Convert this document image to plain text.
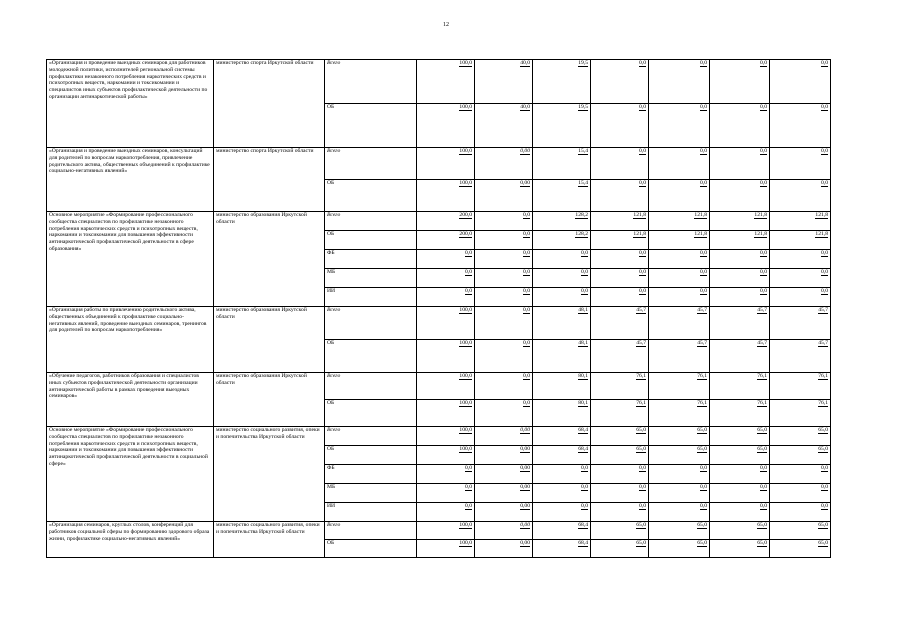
12
«Организация и проведение выездных семинаров для работников молодежной политики, исполнителей региональной системы профилактики незаконного потребления наркотических средств и психотропных веществ, наркомании и токсикомании и специалистов иных субъектов профилактической деятельности по организации антинаркотической работы»	министерство спорта Иркутской области	Всего	100,0	40,0	19,5	0,0	0,0	0,0	0,0
		ОБ	100,0	40,0	19,5	0,0	0,0	0,0	0,0
«Организация и проведение выездных семинаров, консультаций для родителей по вопросам наркопотребления, привлечение родительского актива, общественных объединений к профилактике социально-негативных явлений»	министерство спорта Иркутской области	Всего	100,0	0,00	15,4	0,0	0,0	0,0	0,0
		ОБ	100,0	0,00	15,4	0,0	0,0	0,0	0,0
Основное мероприятие «Формирование профессионального сообщества специалистов по профилактике незаконного потребления наркотических средств и психотропных веществ, наркомании и токсикомании для повышения эффективности антинаркотической профилактической деятельности в сфере образования»	министерство образования Иркутской области	Всего	200,0	0,0	128,2	121,8	121,8	121,8	121,8
		ОБ	200,0	0,0	128,2	121,8	121,8	121,8	121,8
		ФБ	0,0	0,0	0,0	0,0	0,0	0,0	0,0
		МБ	0,0	0,0	0,0	0,0	0,0	0,0	0,0
		ИИ	0,0	0,0	0,0	0,0	0,0	0,0	0,0
«Организация работы по привлечению родительского актива, общественных объединений к профилактике социально-негативных явлений, проведение выездных семинаров, тренингов для родителей по вопросам наркопотребления»	министерство образования Иркутской области	Всего	100,0	0,0	48,1	45,7	45,7	45,7	45,7
		ОБ	100,0	0,0	48,1	45,7	45,7	45,7	45,7
«Обучение педагогов, работников образования и специалистов иных субъектов профилактической деятельности организации антинаркотической работы в рамках проведения выездных семинаров»	министерство образования Иркутской области	Всего	100,0	0,0	80,1	76,1	76,1	76,1	76,1
		ОБ	100,0	0,0	80,1	76,1	76,1	76,1	76,1
Основное мероприятие «Формирование профессионального сообщества специалистов по профилактике незаконного потребления наркотических средств и психотропных веществ, наркомании и токсикомании для повышения эффективности антинаркотической профилактической деятельности в социальной сфере»	министерство социального развития, опеки и попечительства Иркутской области	Всего	100,0	0,00	68,4	65,0	65,0	65,0	65,0
		ОБ	100,0	0,00	68,4	65,0	65,0	65,0	65,0
		ФБ	0,0	0,00	0,0	0,0	0,0	0,0	0,0
		МБ	0,0	0,00	0,0	0,0	0,0	0,0	0,0
		ИИ	0,0	0,00	0,0	0,0	0,0	0,0	0,0
«Организация семинаров, круглых столов, конференций для работников социальной сферы по формированию здорового образа жизни, профилактике социально-негативных явлений»	министерство социального развития, опеки и попечительства Иркутской области	Всего	100,0	0,00	68,4	65,0	65,0	65,0	65,0
		ОБ	100,0	0,00	68,4	65,0	65,0	65,0	65,0
